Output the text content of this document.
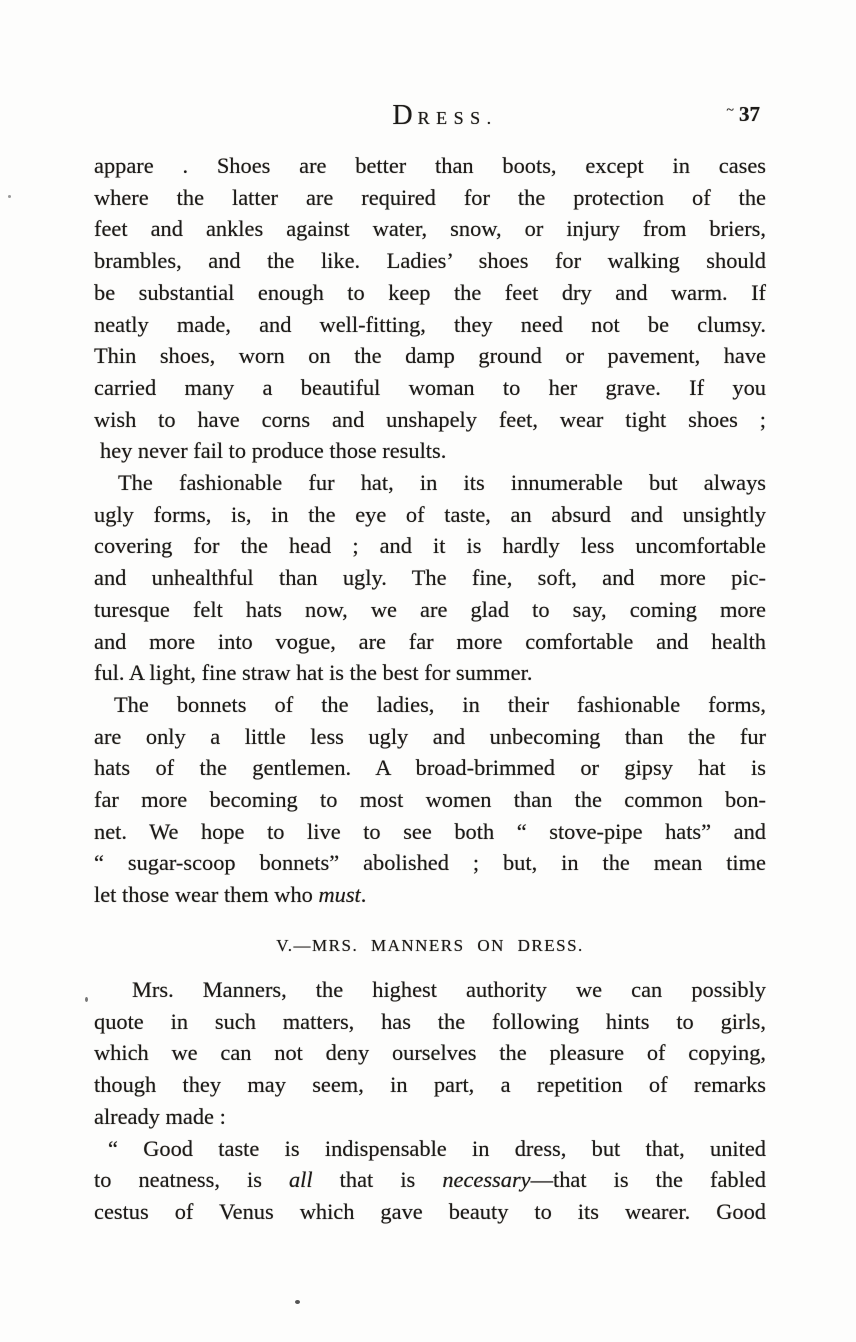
DRESS.	~ 37
appare . Shoes are better than boots, except in cases
where the latter are required for the protection of the
feet and ankles against water, snow, or injury from briers,
brambles, and the like. Ladies’ shoes for walking should
be substantial enough to keep the feet dry and warm. If
neatly made, and well-fitting, they need not be clumsy.
Thin shoes, worn on the damp ground or pavement, have
carried many a beautiful woman to her grave. If you
wish to have corns and unshapely feet, wear tight shoes ;
hey never fail to produce those results.
The fashionable fur hat, in its innumerable but always
ugly forms, is, in the eye of taste, an absurd and unsightly
covering for the head ; and it is hardly less uncomfortable
and unhealthful than ugly. The fine, soft, and more pic-
turesque felt hats now, we are glad to say, coming more
and more into vogue, are far more comfortable and health
ful. A light, fine straw hat is the best for summer.
The bonnets of the ladies, in their fashionable forms,
are only a little less ugly and unbecoming than the fur
hats of the gentlemen. A broad-brimmed or gipsy hat is
far more becoming to most women than the common bon-
net. We hope to live to see both “ stove-pipe hats” and
“ sugar-scoop bonnets” abolished ; but, in the mean time
let those wear them who must.
V.—MRS. MANNERS ON DRESS.
Mrs. Manners, the highest authority we can possibly
quote in such matters, has the following hints to girls,
which we can not deny ourselves the pleasure of copying,
though they may seem, in part, a repetition of remarks
already made :
“ Good taste is indispensable in dress, but that, united
to neatness, is all that is necessary—that is the fabled
cestus of Venus which gave beauty to its wearer. Good
